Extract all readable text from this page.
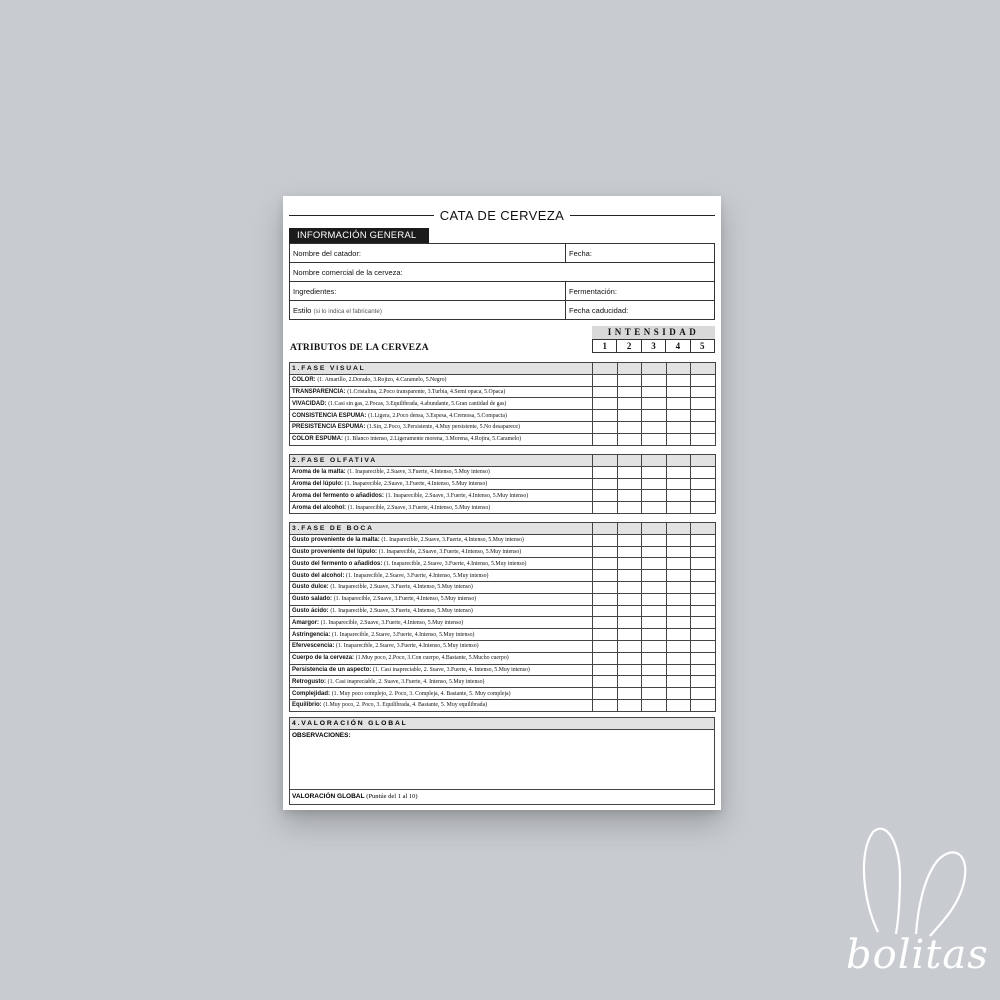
CATA DE CERVEZA
INFORMACIÓN GENERAL
Nombre del catador:	Fecha:
Nombre comercial de la cerveza:	
Ingredientes:	Fermentación:
Estilo (si lo indica el fabricante)	Fecha caducidad:
INTENSIDAD
1	2	3	4	5
ATRIBUTOS DE LA CERVEZA
1.FASE VISUAL					
COLOR: (1. Amarillo, 2.Dorado, 3.Rojizo, 4.Caramelo, 5.Negro)					
TRANSPARENCIA: (1.Cristalina, 2.Poco transparente, 3.Turbia, 4.Semi opaca, 5.Opaca)					
VIVACIDAD: (1.Casi sin gas, 2.Pocas, 3.Equilibrada, 4.abundante, 5.Gran cantidad de gas)					
CONSISTENCIA ESPUMA: (1.Ligera, 2.Poco densa, 3.Espesa, 4.Cremosa, 5.Compacta)					
PRESISTENCIA ESPUMA: (1.Sin, 2.Poco, 3.Persistente, 4.Muy persistente, 5.No desaparece)					
COLOR ESPUMA: (1. Blanco intenso, 2.Ligeramente morena, 3.Morena, 4.Rojira, 5.Caramelo)					
2.FASE OLFATIVA					
Aroma de la malta: (1. Inaparecible, 2.Suave, 3.Fuerte, 4.Intenso, 5.Muy intenso)					
Aroma del lúpulo: (1. Inaparecible, 2.Suave, 3.Fuerte, 4.Intenso, 5.Muy intenso)					
Aroma del fermento o añadidos: (1. Inaparecible, 2.Suave, 3.Fuerte, 4.Intenso, 5.Muy intenso)					
Aroma del alcohol: (1. Inaparecible, 2.Suave, 3.Fuerte, 4.Intenso, 5.Muy intenso)					
3.FASE DE BOCA					
Gusto proveniente de la malta: (1. Inaparecible, 2.Suave, 3.Fuerte, 4.Intenso, 5.Muy intenso)					
Gusto proveniente del lúpulo: (1. Inaparecible, 2.Suave, 3.Fuerte, 4.Intenso, 5.Muy intenso)					
Gusto del fermento o añadidos: (1. Inaparecible, 2.Suave, 3.Fuerte, 4.Intenso, 5.Muy intenso)					
Gusto del alcohol: (1. Inaparecible, 2.Suave, 3.Fuerte, 4.Intenso, 5.Muy intenso)					
Gusto dulce: (1. Inaparecible, 2.Suave, 3.Fuerte, 4.Intenso, 5.Muy intenso)					
Gusto salado: (1. Inaparecible, 2.Suave, 3.Fuerte, 4.Intenso, 5.Muy intenso)					
Gusto ácido: (1. Inaparecible, 2.Suave, 3.Fuerte, 4.Intenso, 5.Muy intenso)					
Amargor: (1. Inaparecible, 2.Suave, 3.Fuerte, 4.Intenso, 5.Muy intenso)					
Astringencia: (1. Inaparecible, 2.Suave, 3.Fuerte, 4.Intenso, 5.Muy intenso)					
Efervescencia: (1. Inaparecible, 2.Suave, 3.Fuerte, 4.Intenso, 5.Muy intenso)					
Cuerpo de la cerveza: (1.Muy poco, 2.Poco, 3.Con cuerpo, 4.Bastante, 5.Mucho cuerpo)					
Persistencia de un aspecto: (1. Casi inapreciable, 2. Suave, 3.Fuerte, 4. Intenso, 5.Muy intenso)					
Retrogusto: (1. Casi inapreciable, 2. Suave, 3.Fuerte, 4. Intenso, 5.Muy intenso)					
Complejidad: (1. Muy poco complejo, 2. Poco, 3. Compleja, 4. Bastante, 5. Muy compleja)					
Equilibrio: (1.Muy poco, 2. Poco, 3. Equilibrada, 4. Bastante, 5. Muy equilibrada)					
4.VALORACIÓN GLOBAL
OBSERVACIONES:
VALORACIÓN GLOBAL (Puntúe del 1 al 10)
bolitas
